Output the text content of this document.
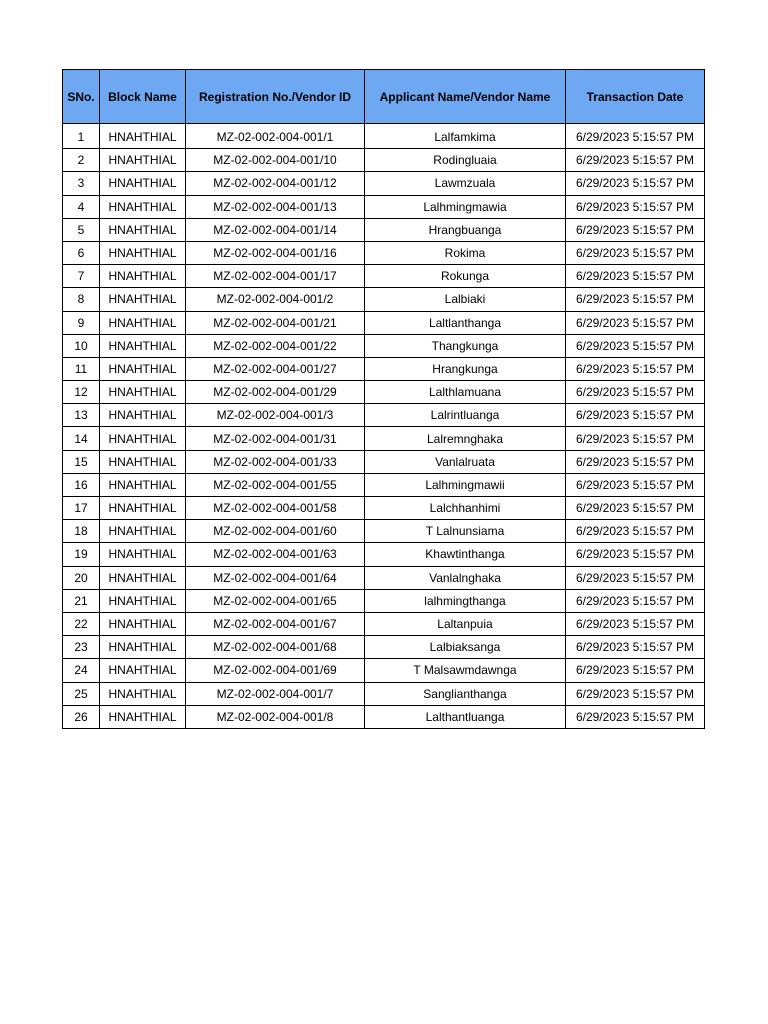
SNo.	Block Name	Registration No./Vendor ID	Applicant Name/Vendor Name	Transaction Date
1	HNAHTHIAL	MZ-02-002-004-001/1	Lalfamkima	6/29/2023 5:15:57 PM
2	HNAHTHIAL	MZ-02-002-004-001/10	Rodingluaia	6/29/2023 5:15:57 PM
3	HNAHTHIAL	MZ-02-002-004-001/12	Lawmzuala	6/29/2023 5:15:57 PM
4	HNAHTHIAL	MZ-02-002-004-001/13	Lalhmingmawia	6/29/2023 5:15:57 PM
5	HNAHTHIAL	MZ-02-002-004-001/14	Hrangbuanga	6/29/2023 5:15:57 PM
6	HNAHTHIAL	MZ-02-002-004-001/16	Rokima	6/29/2023 5:15:57 PM
7	HNAHTHIAL	MZ-02-002-004-001/17	Rokunga	6/29/2023 5:15:57 PM
8	HNAHTHIAL	MZ-02-002-004-001/2	Lalbiaki	6/29/2023 5:15:57 PM
9	HNAHTHIAL	MZ-02-002-004-001/21	Laltlanthanga	6/29/2023 5:15:57 PM
10	HNAHTHIAL	MZ-02-002-004-001/22	Thangkunga	6/29/2023 5:15:57 PM
11	HNAHTHIAL	MZ-02-002-004-001/27	Hrangkunga	6/29/2023 5:15:57 PM
12	HNAHTHIAL	MZ-02-002-004-001/29	Lalthlamuana	6/29/2023 5:15:57 PM
13	HNAHTHIAL	MZ-02-002-004-001/3	Lalrintluanga	6/29/2023 5:15:57 PM
14	HNAHTHIAL	MZ-02-002-004-001/31	Lalremnghaka	6/29/2023 5:15:57 PM
15	HNAHTHIAL	MZ-02-002-004-001/33	Vanlalruata	6/29/2023 5:15:57 PM
16	HNAHTHIAL	MZ-02-002-004-001/55	Lalhmingmawii	6/29/2023 5:15:57 PM
17	HNAHTHIAL	MZ-02-002-004-001/58	Lalchhanhimi	6/29/2023 5:15:57 PM
18	HNAHTHIAL	MZ-02-002-004-001/60	T Lalnunsiama	6/29/2023 5:15:57 PM
19	HNAHTHIAL	MZ-02-002-004-001/63	Khawtinthanga	6/29/2023 5:15:57 PM
20	HNAHTHIAL	MZ-02-002-004-001/64	Vanlalnghaka	6/29/2023 5:15:57 PM
21	HNAHTHIAL	MZ-02-002-004-001/65	lalhmingthanga	6/29/2023 5:15:57 PM
22	HNAHTHIAL	MZ-02-002-004-001/67	Laltanpuia	6/29/2023 5:15:57 PM
23	HNAHTHIAL	MZ-02-002-004-001/68	Lalbiaksanga	6/29/2023 5:15:57 PM
24	HNAHTHIAL	MZ-02-002-004-001/69	T Malsawmdawnga	6/29/2023 5:15:57 PM
25	HNAHTHIAL	MZ-02-002-004-001/7	Sanglianthanga	6/29/2023 5:15:57 PM
26	HNAHTHIAL	MZ-02-002-004-001/8	Lalthantluanga	6/29/2023 5:15:57 PM
